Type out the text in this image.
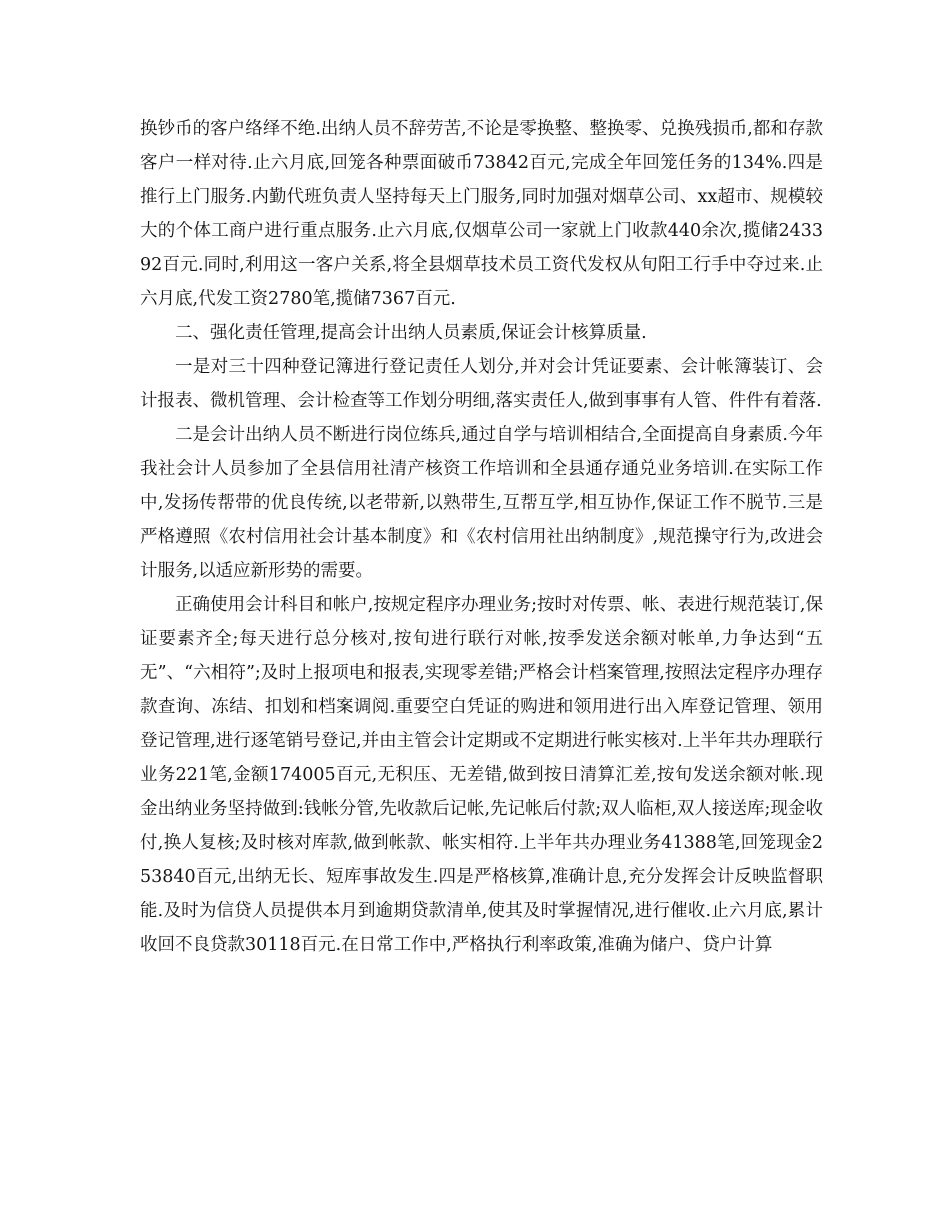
换钞币的客户络绎不绝.出纳人员不辞劳苦,不论是零换整、整换零、兑换残损币,都和存款客户一样对待.止六月底,回笼各种票面破币73842百元,完成全年回笼任务的134%.四是推行上门服务.内勤代班负责人坚持每天上门服务,同时加强对烟草公司、xx超市、规模较大的个体工商户进行重点服务.止六月底,仅烟草公司一家就上门收款440余次,揽储243392百元.同时,利用这一客户关系,将全县烟草技术员工资代发权从旬阳工行手中夺过来.止六月底,代发工资2780笔,揽储7367百元.

二、强化责任管理,提高会计出纳人员素质,保证会计核算质量.

一是对三十四种登记簿进行登记责任人划分,并对会计凭证要素、会计帐簿装订、会计报表、微机管理、会计检查等工作划分明细,落实责任人,做到事事有人管、件件有着落.

二是会计出纳人员不断进行岗位练兵,通过自学与培训相结合,全面提高自身素质.今年我社会计人员参加了全县信用社清产核资工作培训和全县通存通兑业务培训.在实际工作中,发扬传帮带的优良传统,以老带新,以熟带生,互帮互学,相互协作,保证工作不脱节.三是严格遵照《农村信用社会计基本制度》和《农村信用社出纳制度》,规范操守行为,改进会计服务,以适应新形势的需要。

正确使用会计科目和帐户,按规定程序办理业务;按时对传票、帐、表进行规范装订,保证要素齐全;每天进行总分核对,按旬进行联行对帐,按季发送余额对帐单,力争达到“五无”、“六相符”;及时上报项电和报表,实现零差错;严格会计档案管理,按照法定程序办理存款查询、冻结、扣划和档案调阅.重要空白凭证的购进和领用进行出入库登记管理、领用登记管理,进行逐笔销号登记,并由主管会计定期或不定期进行帐实核对.上半年共办理联行业务221笔,金额174005百元,无积压、无差错,做到按日清算汇差,按旬发送余额对帐.现金出纳业务坚持做到:钱帐分管,先收款后记帐,先记帐后付款;双人临柜,双人接送库;现金收付,换人复核;及时核对库款,做到帐款、帐实相符.上半年共办理业务41388笔,回笼现金253840百元,出纳无长、短库事故发生.四是严格核算,准确计息,充分发挥会计反映监督职能.及时为信贷人员提供本月到逾期贷款清单,使其及时掌握情况,进行催收.止六月底,累计收回不良贷款30118百元.在日常工作中,严格执行利率政策,准确为储户、贷户计算
